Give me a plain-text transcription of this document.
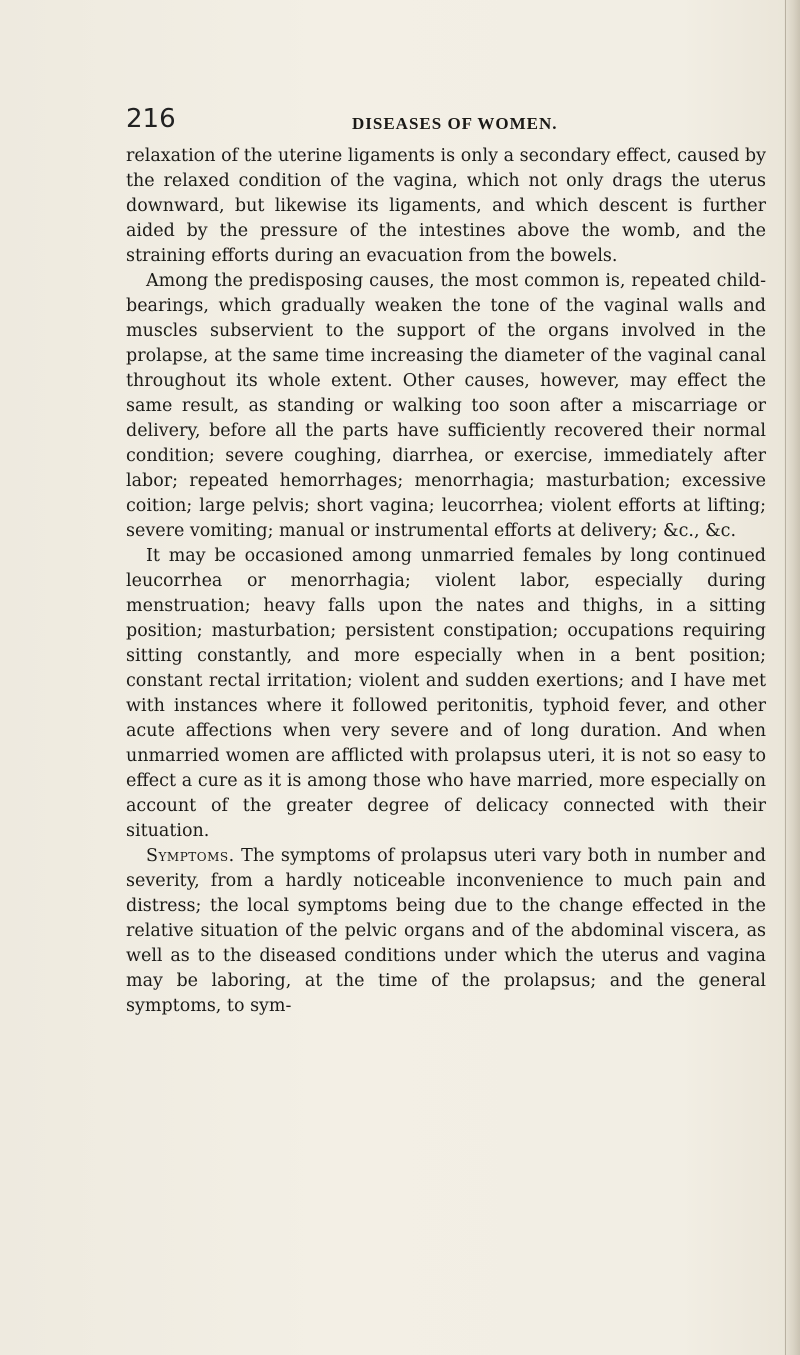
216	DISEASES OF WOMEN.

relaxation of the uterine ligaments is only a secondary effect, caused by the relaxed condition of the vagina, which not only drags the uterus downward, but likewise its ligaments, and which descent is further aided by the pressure of the intestines above the womb, and the straining efforts during an evacuation from the bowels.

Among the predisposing causes, the most common is, repeated child-bearings, which gradually weaken the tone of the vaginal walls and muscles subservient to the support of the organs involved in the prolapse, at the same time increasing the diameter of the vaginal canal throughout its whole extent. Other causes, however, may effect the same result, as standing or walking too soon after a miscarriage or delivery, before all the parts have sufficiently recovered their normal condition; severe coughing, diarrhea, or exercise, immediately after labor; repeated hemorrhages; menorrhagia; masturbation; excessive coition; large pelvis; short vagina; leucorrhea; violent efforts at lifting; severe vomiting; manual or instrumental efforts at delivery; &c., &c.

It may be occasioned among unmarried females by long continued leucorrhea or menorrhagia; violent labor, especially during menstruation; heavy falls upon the nates and thighs, in a sitting position; masturbation; persistent constipation; occupations requiring sitting constantly, and more especially when in a bent position; constant rectal irritation; violent and sudden exertions; and I have met with instances where it followed peritonitis, typhoid fever, and other acute affections when very severe and of long duration. And when unmarried women are afflicted with prolapsus uteri, it is not so easy to effect a cure as it is among those who have married, more especially on account of the greater degree of delicacy connected with their situation.

Symptoms. The symptoms of prolapsus uteri vary both in number and severity, from a hardly noticeable inconvenience to much pain and distress; the local symptoms being due to the change effected in the relative situation of the pelvic organs and of the abdominal viscera, as well as to the diseased conditions under which the uterus and vagina may be laboring, at the time of the prolapsus; and the general symptoms, to sym-
